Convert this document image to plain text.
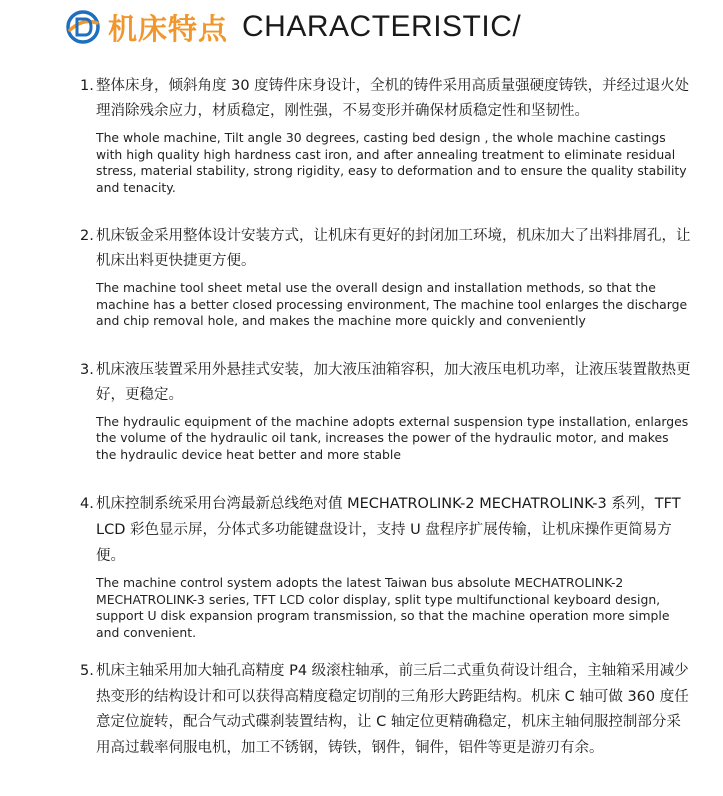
机床特点 CHARACTERISTIC/
1. 整体床身，倾斜角度 30 度铸件床身设计，全机的铸件采用高质量强硬度铸铁，并经过退火处理消除残余应力，材质稳定，刚性强，不易变形并确保材质稳定性和坚韧性。
The whole machine, Tilt angle 30 degrees, casting bed design , the whole machine castings with high quality high hardness cast iron, and after annealing treatment to eliminate residual stress, material stability, strong rigidity, easy to deformation and to ensure the quality stability and tenacity.
2. 机床钣金采用整体设计安装方式，让机床有更好的封闭加工环境，机床加大了出料排屑孔，让机床出料更快捷更方便。
The machine tool sheet metal use the overall design and installation methods, so that the machine has a better closed processing environment, The machine tool enlarges the discharge and chip removal hole, and makes the machine more quickly and conveniently
3. 机床液压装置采用外悬挂式安装，加大液压油箱容积，加大液压电机功率，让液压装置散热更好，更稳定。
The hydraulic equipment of the machine adopts external suspension type installation, enlarges the volume of the hydraulic oil tank, increases the power of the hydraulic motor, and makes the hydraulic device heat better and more stable
4. 机床控制系统采用台湾最新总线绝对值 MECHATROLINK-2 MECHATROLINK-3 系列，TFT LCD 彩色显示屏，分体式多功能键盘设计，支持 U 盘程序扩展传输，让机床操作更简易方便。
The machine control system adopts the latest Taiwan bus absolute MECHATROLINK-2 MECHATROLINK-3 series, TFT LCD color display, split type multifunctional keyboard design, support U disk expansion program transmission, so that the machine operation more simple and convenient.
5. 机床主轴采用加大轴孔高精度 P4 级滚柱轴承，前三后二式重负荷设计组合，主轴箱采用减少热变形的结构设计和可以获得高精度稳定切削的三角形大跨距结构。机床 C 轴可做 360 度任意定位旋转，配合气动式碟刹装置结构，让 C 轴定位更精确稳定，机床主轴伺服控制部分采用高过载率伺服电机，加工不锈钢，铸铁，钢件，铜件，铝件等更是游刃有余。
